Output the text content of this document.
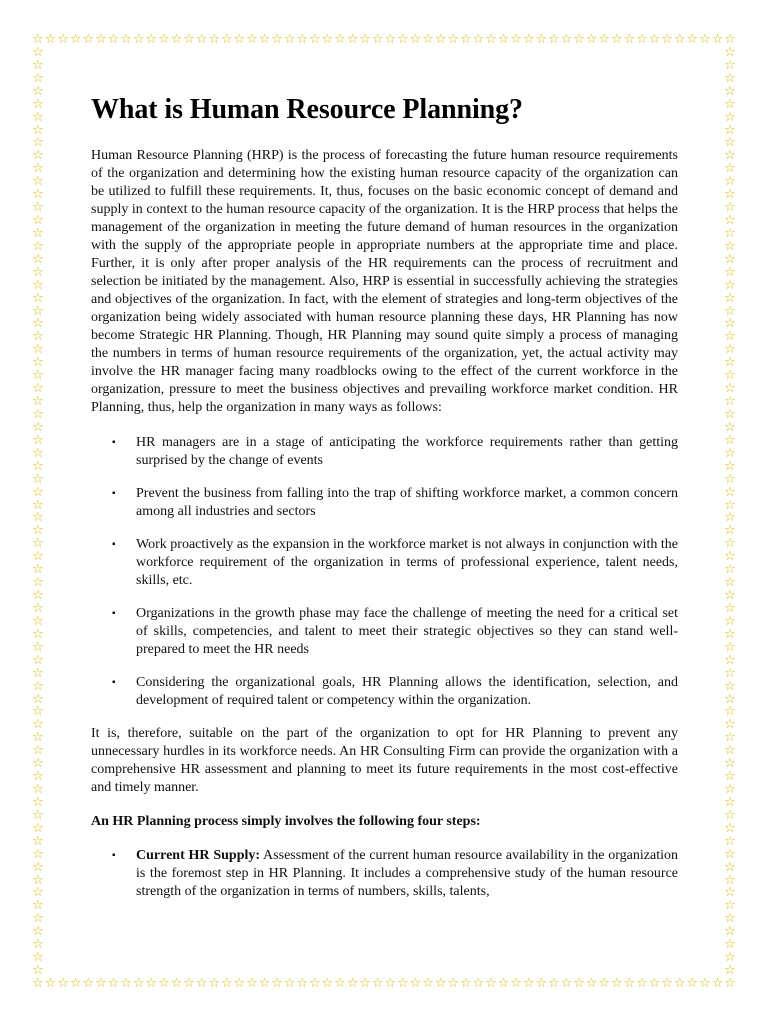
☆
☆
☆
☆
☆
☆
☆
☆
☆
☆
☆
☆
☆
☆
☆
☆
☆
☆
☆
☆
☆
☆
☆
☆
☆
☆
☆
☆
☆
☆
☆
☆
☆
☆
☆
☆
☆
☆
☆
☆
☆
☆
☆
☆
☆
☆
☆
☆
☆
☆
☆
☆
☆
☆
☆
☆
☆
☆
☆
☆
☆
☆
☆
☆
☆
☆
☆
☆
☆
☆
☆
☆
☆
☆
☆
☆
☆
☆
☆
☆
☆
☆
☆
☆
☆
☆
☆
☆
☆
☆
☆
☆
☆
☆
☆
☆
☆
☆
☆
☆
☆
☆
☆
☆
☆
☆
☆
☆
☆
☆
☆
☆
☆	☆
☆	☆
☆	☆
☆	☆
☆	☆
☆	☆
☆	☆
☆	☆
☆	☆
☆	☆
☆	☆
☆	☆
☆	☆
☆	☆
☆	☆
☆	☆
☆	☆
☆	☆
☆	☆
☆	☆
☆	☆
☆	☆
☆	☆
☆	☆
☆	☆
☆	☆
☆	☆
☆	☆
☆	☆
☆	☆
☆	☆
☆	☆
☆	☆
☆	☆
☆	☆
☆	☆
☆	☆
☆	☆
☆	☆
☆	☆
☆	☆
☆	☆
☆	☆
☆	☆
☆	☆
☆	☆
☆	☆
☆	☆
☆	☆
☆	☆
☆	☆
☆	☆
☆	☆
☆	☆
☆	☆
☆	☆
☆	☆
☆	☆
☆	☆
☆	☆
☆	☆
☆	☆
☆	☆
☆	☆
☆	☆
☆	☆
☆	☆
☆	☆
☆	☆
☆	☆
☆	☆
☆	☆
What is Human Resource Planning?

Human Resource Planning (HRP) is the process of forecasting the future human resource requirements of the organization and determining how the existing human resource capacity of the organization can be utilized to fulfill these requirements. It, thus, focuses on the basic economic concept of demand and supply in context to the human resource capacity of the organization. It is the HRP process that helps the management of the organization in meeting the future demand of human resources in the organization with the supply of the appropriate people in appropriate numbers at the appropriate time and place. Further, it is only after proper analysis of the HR requirements can the process of recruitment and selection be initiated by the management. Also, HRP is essential in successfully achieving the strategies and objectives of the organization. In fact, with the element of strategies and long-term objectives of the organization being widely associated with human resource planning these days, HR Planning has now become Strategic HR Planning. Though, HR Planning may sound quite simply a process of managing the numbers in terms of human resource requirements of the organization, yet, the actual activity may involve the HR manager facing many roadblocks owing to the effect of the current workforce in the organization, pressure to meet the business objectives and prevailing workforce market condition. HR Planning, thus, help the organization in many ways as follows:

▪ HR managers are in a stage of anticipating the workforce requirements rather than getting surprised by the change of events
▪ Prevent the business from falling into the trap of shifting workforce market, a common concern among all industries and sectors
▪ Work proactively as the expansion in the workforce market is not always in conjunction with the workforce requirement of the organization in terms of professional experience, talent needs, skills, etc.
▪ Organizations in the growth phase may face the challenge of meeting the need for a critical set of skills, competencies, and talent to meet their strategic objectives so they can stand well-prepared to meet the HR needs
▪ Considering the organizational goals, HR Planning allows the identification, selection, and development of required talent or competency within the organization.

It is, therefore, suitable on the part of the organization to opt for HR Planning to prevent any unnecessary hurdles in its workforce needs. An HR Consulting Firm can provide the organization with a comprehensive HR assessment and planning to meet its future requirements in the most cost-effective and timely manner.

An HR Planning process simply involves the following four steps:

▪ Current HR Supply: Assessment of the current human resource availability in the organization is the foremost step in HR Planning. It includes a comprehensive study of the human resource strength of the organization in terms of numbers, skills, talents,
